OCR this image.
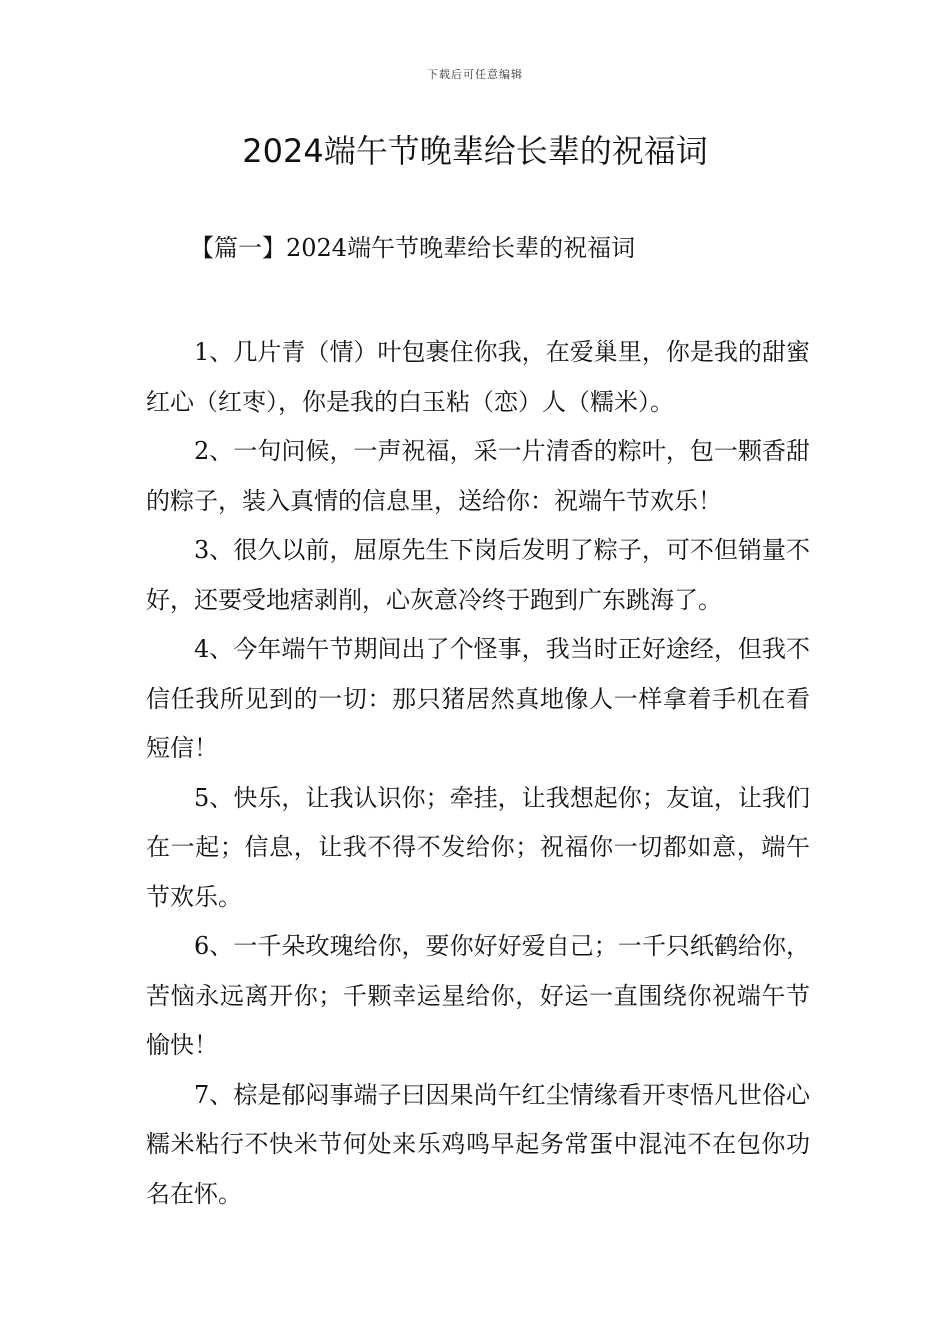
下载后可任意编辑
2024端午节晚辈给长辈的祝福词
【篇一】2024端午节晚辈给长辈的祝福词

1、几片青（情）叶包裹住你我，在爱巢里，你是我的甜蜜红心（红枣），你是我的白玉粘（恋）人（糯米）。

2、一句问候，一声祝福，采一片清香的粽叶，包一颗香甜的粽子，装入真情的信息里，送给你：祝端午节欢乐！

3、很久以前，屈原先生下岗后发明了粽子，可不但销量不好，还要受地痞剥削，心灰意冷终于跑到广东跳海了。

4、今年端午节期间出了个怪事，我当时正好途经，但我不信任我所见到的一切：那只猪居然真地像人一样拿着手机在看短信！

5、快乐，让我认识你；牵挂，让我想起你；友谊，让我们在一起；信息，让我不得不发给你；祝福你一切都如意，端午节欢乐。

6、一千朵玫瑰给你，要你好好爱自己；一千只纸鹤给你，苦恼永远离开你；千颗幸运星给你，好运一直围绕你祝端午节愉快！

7、棕是郁闷事端子曰因果尚午红尘情缘看开枣悟凡世俗心糯米粘行不快米节何处来乐鸡鸣早起务常蛋中混沌不在包你功名在怀。
